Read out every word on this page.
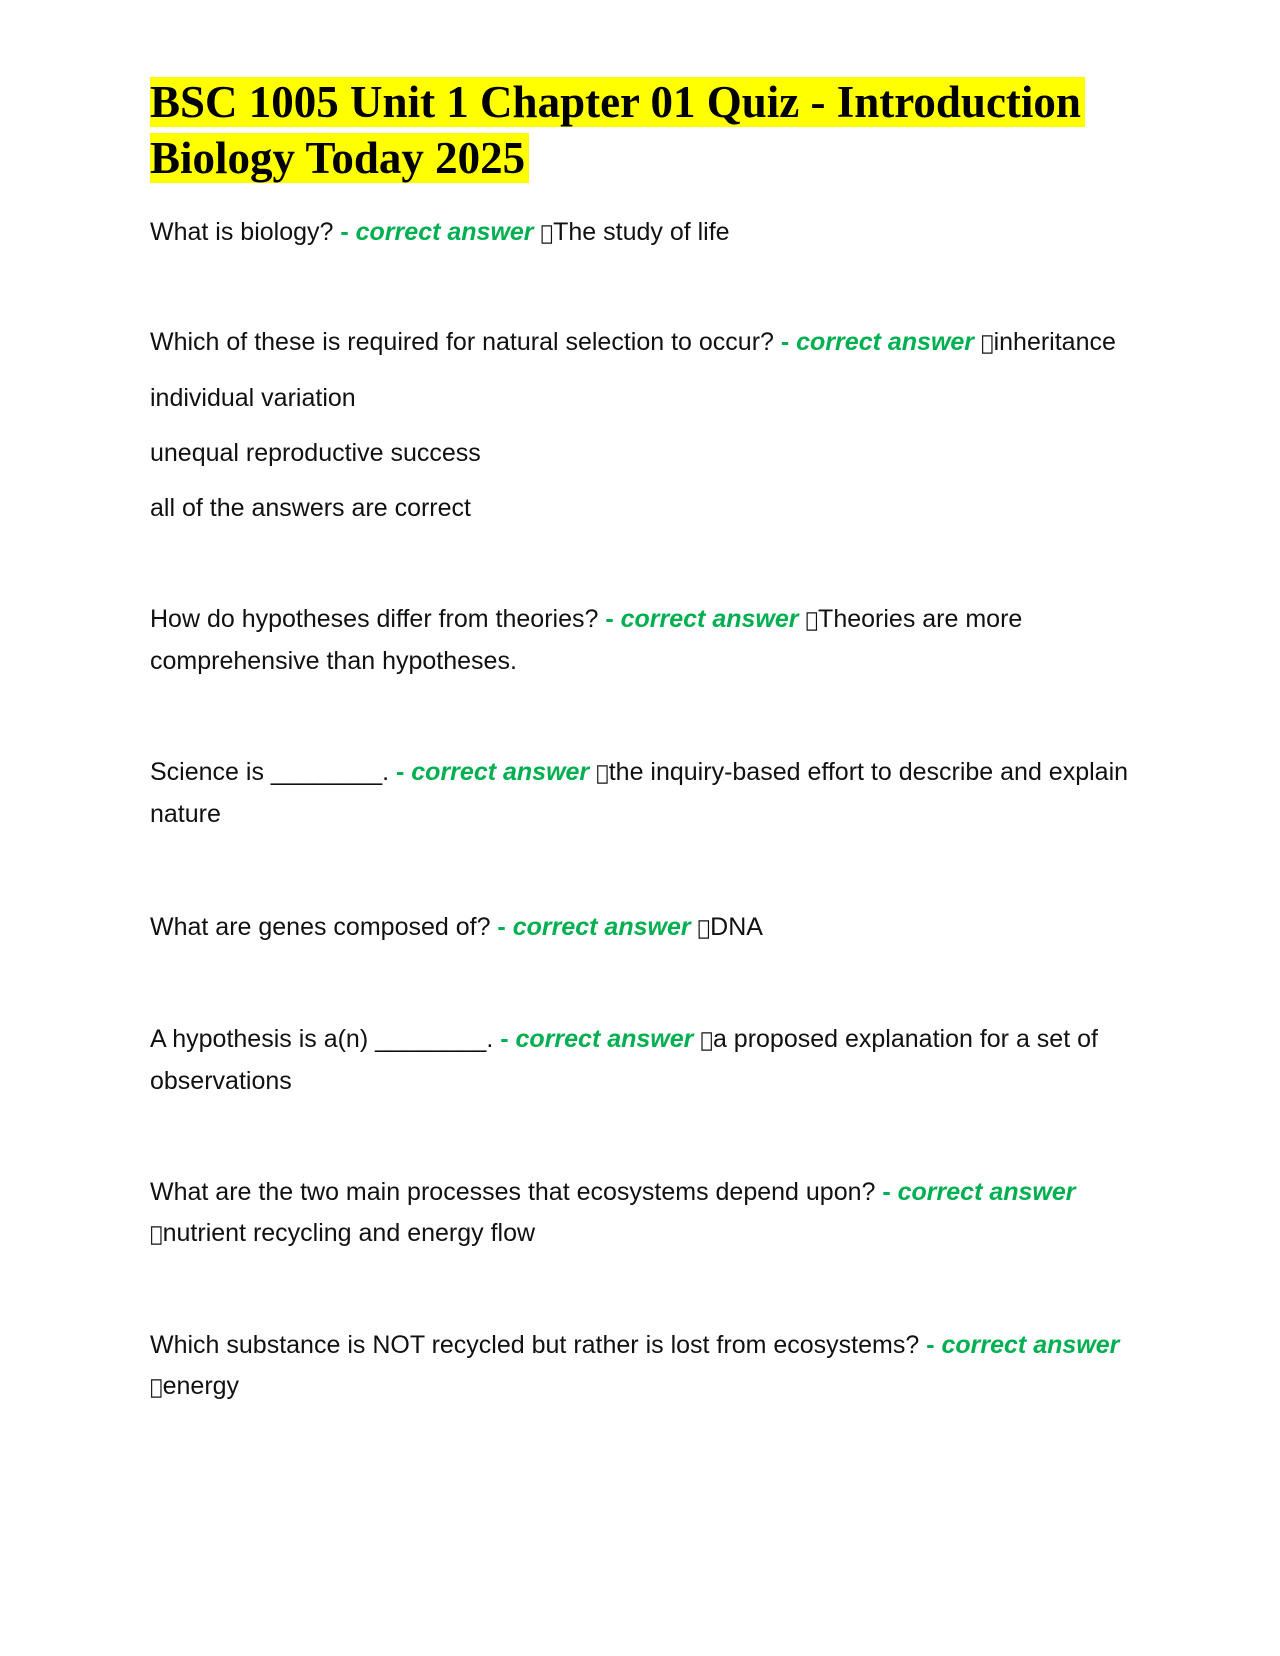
BSC 1005 Unit 1 Chapter 01 Quiz - Introduction Biology Today 2025

What is biology? - correct answer The study of life

Which of these is required for natural selection to occur? - correct answer inheritance

individual variation

unequal reproductive success

all of the answers are correct

How do hypotheses differ from theories? - correct answer Theories are more comprehensive than hypotheses.

Science is ________. - correct answer the inquiry-based effort to describe and explain nature

What are genes composed of? - correct answer DNA

A hypothesis is a(n) ________. - correct answer a proposed explanation for a set of observations

What are the two main processes that ecosystems depend upon? - correct answer nutrient recycling and energy flow

Which substance is NOT recycled but rather is lost from ecosystems? - correct answer energy
